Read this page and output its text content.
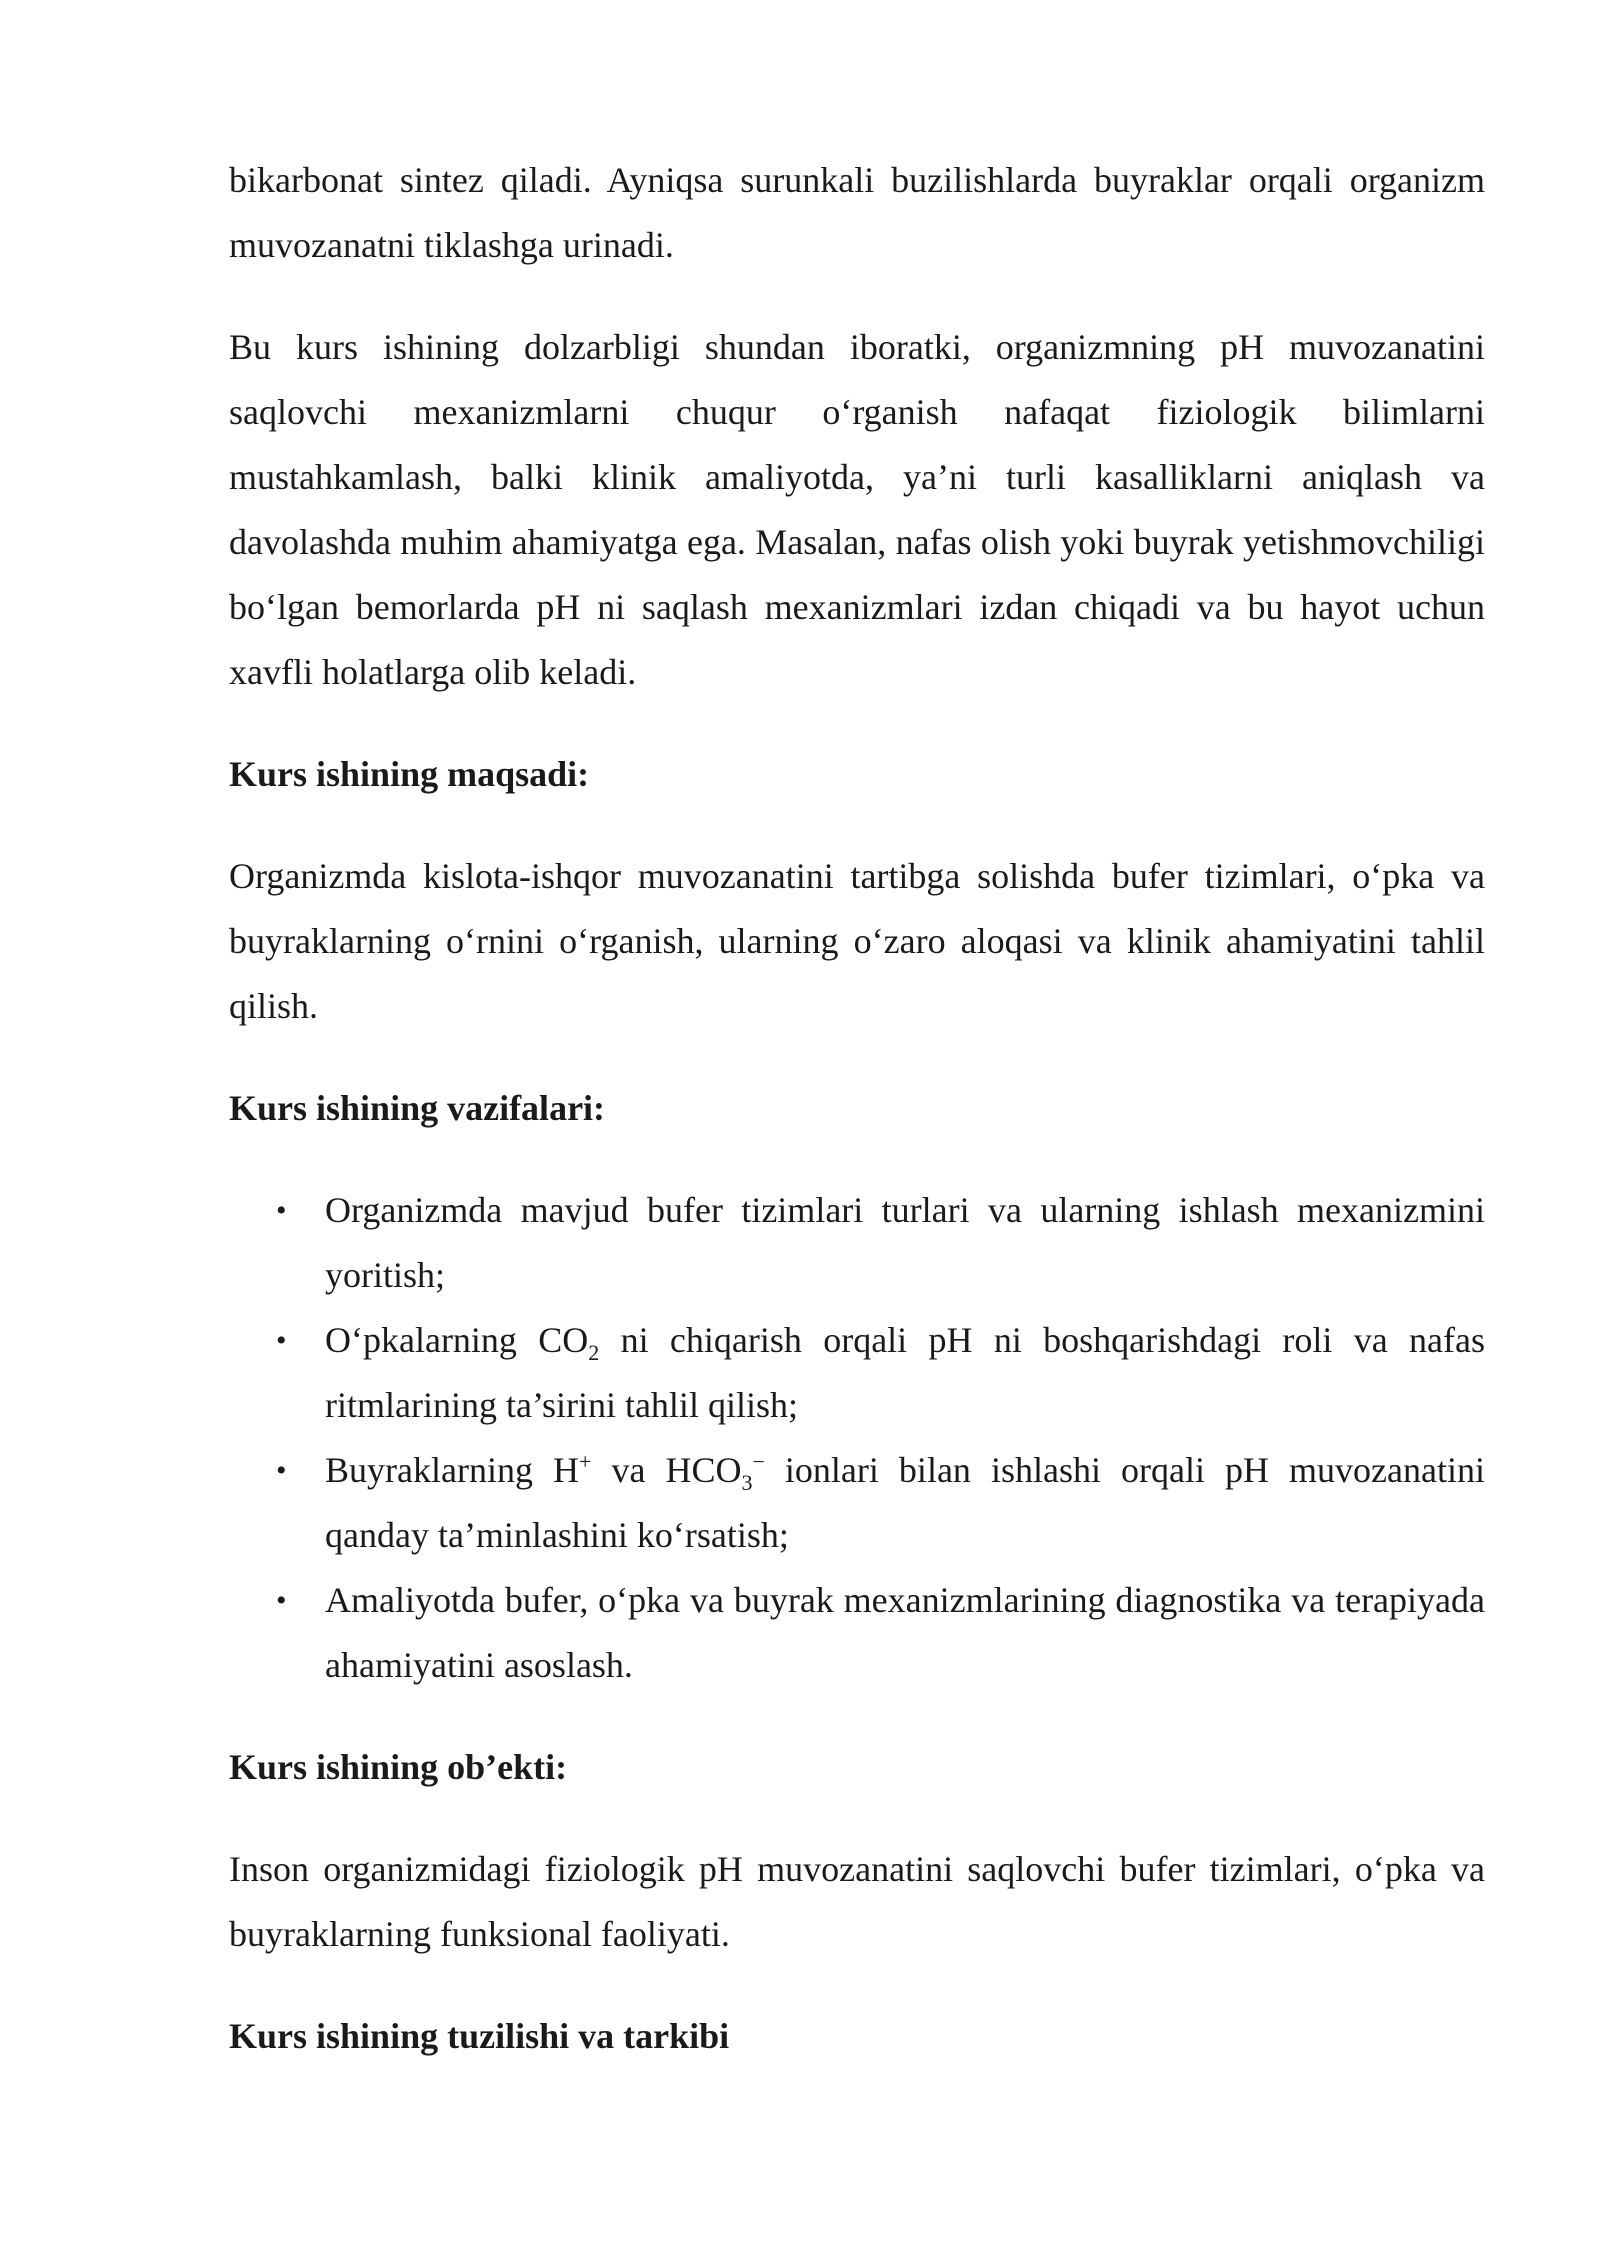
bikarbonat sintez qiladi. Ayniqsa surunkali buzilishlarda buyraklar orqali organizm muvozanatni tiklashga urinadi.

Bu kurs ishining dolzarbligi shundan iboratki, organizmning pH muvozanatini saqlovchi mexanizmlarni chuqur o‘rganish nafaqat fiziologik bilimlarni mustahkamlash, balki klinik amaliyotda, ya’ni turli kasalliklarni aniqlash va davolashda muhim ahamiyatga ega. Masalan, nafas olish yoki buyrak yetishmovchiligi bo‘lgan bemorlarda pH ni saqlash mexanizmlari izdan chiqadi va bu hayot uchun xavfli holatlarga olib keladi.

Kurs ishining maqsadi:

Organizmda kislota-ishqor muvozanatini tartibga solishda bufer tizimlari, o‘pka va buyraklarning o‘rnini o‘rganish, ularning o‘zaro aloqasi va klinik ahamiyatini tahlil qilish.

Kurs ishining vazifalari:
• Organizmda mavjud bufer tizimlari turlari va ularning ishlash mexanizmini yoritish;
• O‘pkalarning $CO_2$ ni chiqarish orqali pH ni boshqarishdagi roli va nafas ritmlarining ta’sirini tahlil qilish;
• Buyraklarning H+ va $HCO_3^-$ ionlari bilan ishlashi orqali pH muvozanatini qanday ta’minlashini ko‘rsatish;
• Amaliyotda bufer, o‘pka va buyrak mexanizmlarining diagnostika va terapiyada ahamiyatini asoslash.
Kurs ishining ob’ekti:

Inson organizmidagi fiziologik pH muvozanatini saqlovchi bufer tizimlari, o‘pka va buyraklarning funksional faoliyati.

Kurs ishining tuzilishi va tarkibi
